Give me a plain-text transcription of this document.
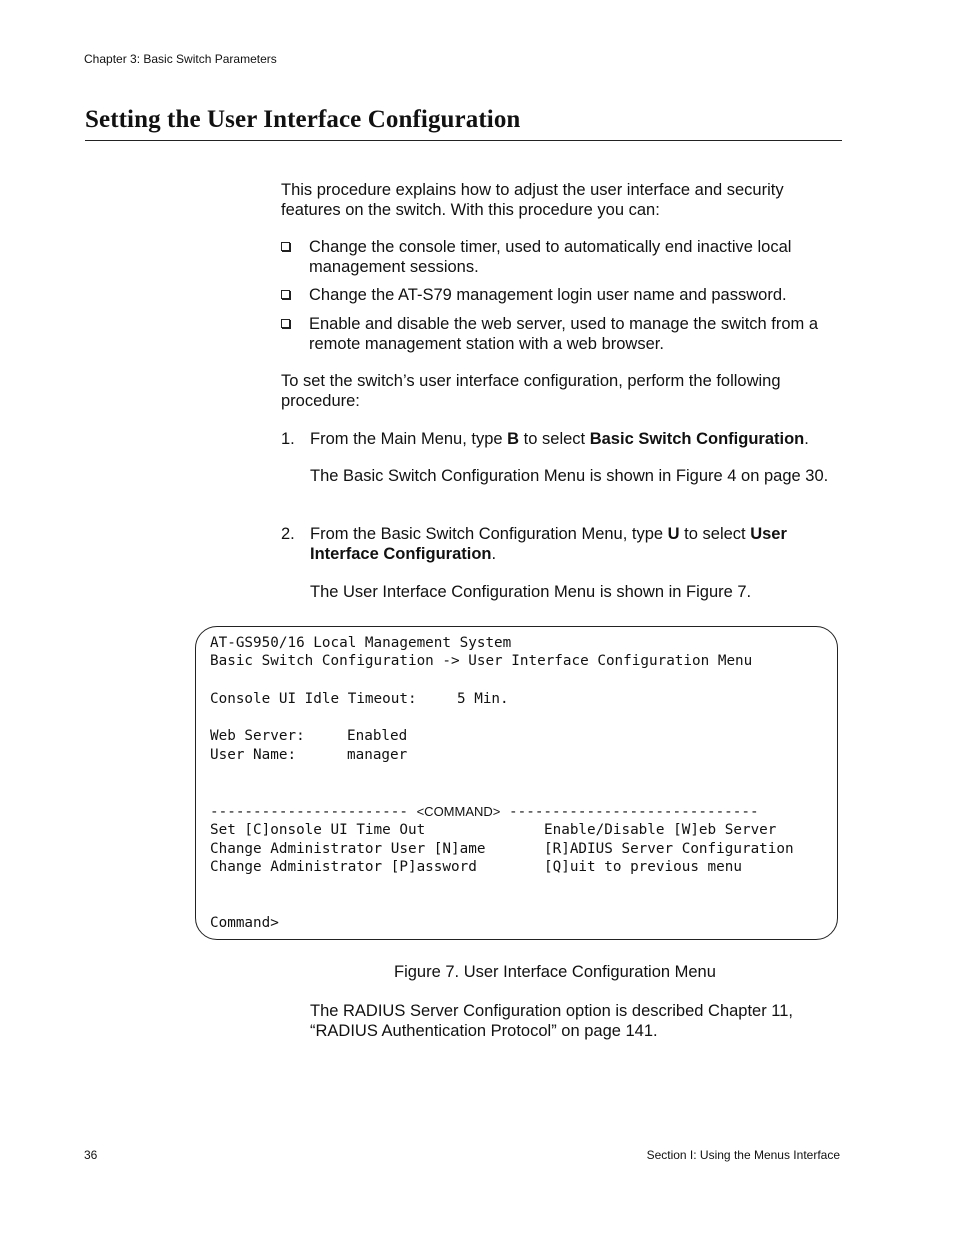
Chapter 3: Basic Switch Parameters
Setting the User Interface Configuration
This procedure explains how to adjust the user interface and security features on the switch. With this procedure you can:
Change the console timer, used to automatically end inactive local management sessions.
Change the AT-S79 management login user name and password.
Enable and disable the web server, used to manage the switch from a remote management station with a web browser.
To set the switch’s user interface configuration, perform the following procedure:
1. From the Main Menu, type B to select Basic Switch Configuration.
The Basic Switch Configuration Menu is shown in Figure 4 on page 30.
2. From the Basic Switch Configuration Menu, type U to select User Interface Configuration.
The User Interface Configuration Menu is shown in Figure 7.
AT-GS950/16 Local Management System
Basic Switch Configuration -> User Interface Configuration Menu
Console UI Idle Timeout:	5 Min.
Web Server:	Enabled
User Name:	manager
----------------------- <COMMAND> -----------------------------
Set [C]onsole UI Time Out	Enable/Disable [W]eb Server
Change Administrator User [N]ame	[R]ADIUS Server Configuration
Change Administrator [P]assword	[Q]uit to previous menu
Command>
Figure 7. User Interface Configuration Menu
The RADIUS Server Configuration option is described Chapter 11, “RADIUS Authentication Protocol” on page 141.
36	Section I: Using the Menus Interface
